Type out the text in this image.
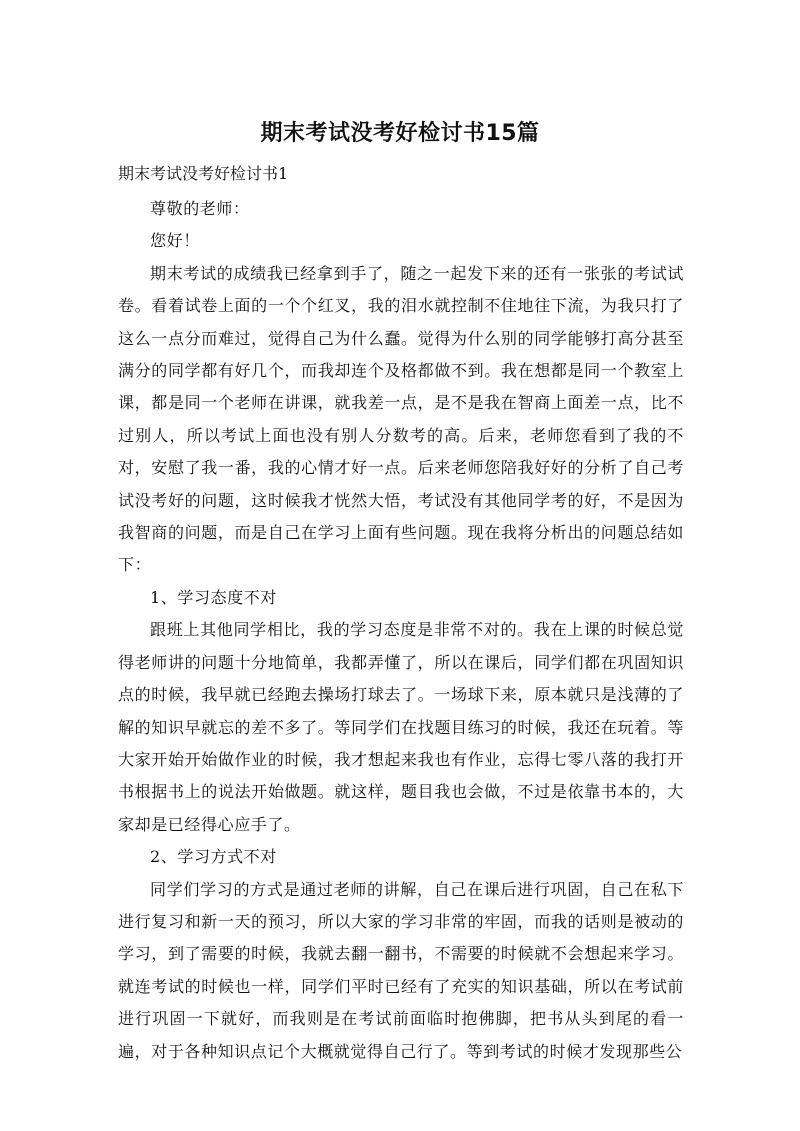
期末考试没考好检讨书15篇

期末考试没考好检讨书1

尊敬的老师：

您好！

期末考试的成绩我已经拿到手了，随之一起发下来的还有一张张的考试试卷。看着试卷上面的一个个红叉，我的泪水就控制不住地往下流，为我只打了这么一点分而难过，觉得自己为什么蠢。觉得为什么别的同学能够打高分甚至满分的同学都有好几个，而我却连个及格都做不到。我在想都是同一个教室上课，都是同一个老师在讲课，就我差一点，是不是我在智商上面差一点，比不过别人，所以考试上面也没有别人分数考的高。后来，老师您看到了我的不对，安慰了我一番，我的心情才好一点。后来老师您陪我好好的分析了自己考试没考好的问题，这时候我才恍然大悟，考试没有其他同学考的好，不是因为我智商的问题，而是自己在学习上面有些问题。现在我将分析出的问题总结如下：

1、学习态度不对

跟班上其他同学相比，我的学习态度是非常不对的。我在上课的时候总觉得老师讲的问题十分地简单，我都弄懂了，所以在课后，同学们都在巩固知识点的时候，我早就已经跑去操场打球去了。一场球下来，原本就只是浅薄的了解的知识早就忘的差不多了。等同学们在找题目练习的时候，我还在玩着。等大家开始开始做作业的时候，我才想起来我也有作业，忘得七零八落的我打开书根据书上的说法开始做题。就这样，题目我也会做，不过是依靠书本的，大家却是已经得心应手了。

2、学习方式不对

同学们学习的方式是通过老师的讲解，自己在课后进行巩固，自己在私下进行复习和新一天的预习，所以大家的学习非常的牢固，而我的话则是被动的学习，到了需要的时候，我就去翻一翻书，不需要的时候就不会想起来学习。就连考试的时候也一样，同学们平时已经有了充实的知识基础，所以在考试前进行巩固一下就好，而我则是在考试前面临时抱佛脚，把书从头到尾的看一遍，对于各种知识点记个大概就觉得自己行了。等到考试的时候才发现那些公
